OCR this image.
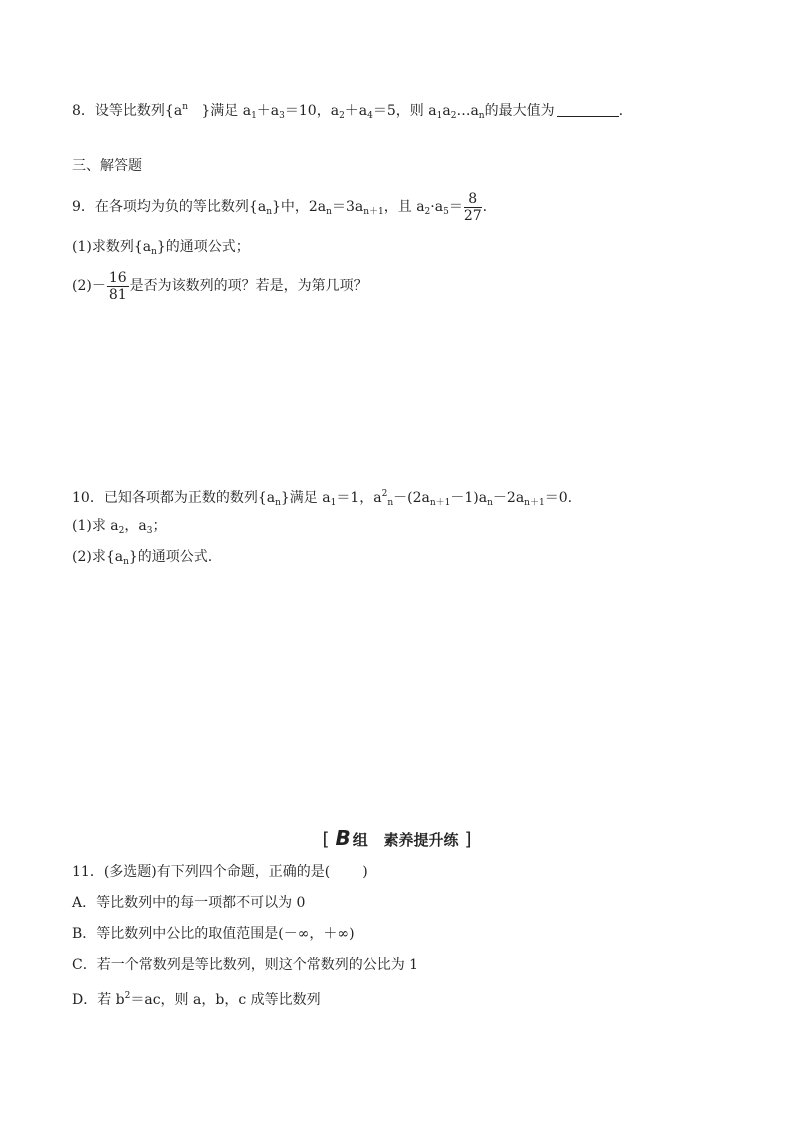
8．设等比数列{$a^n$ }满足 $a_1+a_3=10$，$a_2+a_4=5$，则 $a_1a_2\dots a_n$的最大值为	.
三、解答题
9．在各项均为负的等比数列$\{a_n\}$中，$2a_n=3a_{n+1}$，且 $a_2\cdot a_5= \frac{8}{27}$ .
(1)求数列$\{a_n\}$的通项公式；
$(2)- \frac{16}{81}$ 是否为该数列的项？若是，为第几项？
10．已知各项都为正数的数列$\{a_n\}$满足 $a_1=1$，$a^2_n-(2a_{n+1}-1)a_n-2a_{n+1}=0$.
(1)求 $a_2$，$a_3$；
(2)求$\{a_n\}$的通项公式.
[ B 组 素养提升练 ]
11．(多选题)有下列四个命题，正确的是( )
A．等比数列中的每一项都不可以为 0
B．等比数列中公比的取值范围是(－∞，＋∞)
C．若一个常数列是等比数列，则这个常数列的公比为 1
D．若 $b^2=ac$，则 a，b，c 成等比数列
